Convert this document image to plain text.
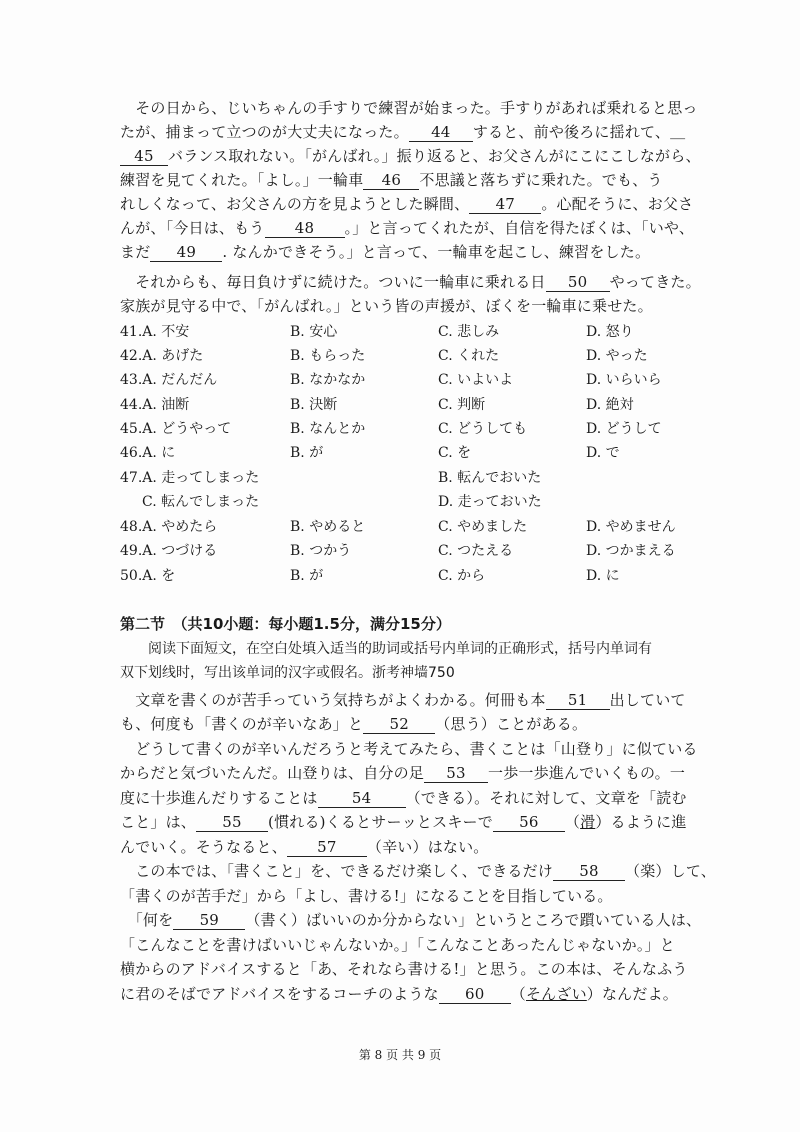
　その日から、じいちゃんの手すりで練習が始まった。手すりがあれば乗れると思っ
たが、捕まって立つのが大丈夫になった。 44 すると、前や後ろに揺れて、＿
45 バランス取れない。「がんばれ。」振り返ると、お父さんがにこにこしながら、
練習を見てくれた。「よし。」一輪車 46 不思議と落ちずに乗れた。でも、う
れしくなって、お父さんの方を見ようとした瞬間、 47 。心配そうに、お父さ
んが、「今日は、もう 48 。」と言ってくれたが、自信を得たぼくは、「いや、
まだ 49 . なんかできそう。」と言って、一輪車を起こし、練習をした。
　それからも、毎日負けずに続けた。ついに一輪車に乗れる日 50 やってきた。
家族が見守る中で、「がんばれ。」という皆の声援が、ぼくを一輪車に乗せた。
41.A. 不安	B. 安心	C. 悲しみ	D. 怒り
42.A. あげた	B. もらった	C. くれた	D. やった
43.A. だんだん	B. なかなか	C. いよいよ	D. いらいら
44.A. 油断	B. 決断	C. 判断	D. 絶対
45.A. どうやって	B. なんとか	C. どうしても	D. どうして
46.A. に	B. が	C. を	D. で
47.A. 走ってしまった	B. 転んでおいた
C. 転んでしまった	D. 走っておいた
48.A. やめたら	B. やめると	C. やめました	D. やめません
49.A. つづける	B. つかう	C. つたえる	D. つかまえる
50.A. を	B. が	C. から	D. に
第二节　（共10小题：每小题1.5分，满分15分）
　　阅读下面短文，在空白处填入适当的助词或括号内单词的正确形式，括号内单词有
双下划线时，写出该单词的汉字或假名。浙考神墙750
　文章を書くのが苦手っていう気持ちがよくわかる。何冊も本 51 出していて
も、何度も「書くのが辛いなあ」と 52 （思う）ことがある。
　どうして書くのが辛いんだろうと考えてみたら、書くことは「山登り」に似ている
からだと気づいたんだ。山登りは、自分の足 53 一歩一歩進んでいくもの。一
度に十歩進んだりすることは 54 （できる）。それに対して、文章を「読む
こと」は、 55 (慣れる)くるとサーッとスキーで 56 （滑）るように進
んでいく。そうなると、 57 （辛い）はない。
　この本では、「書くこと」を、できるだけ楽しく、できるだけ 58 （楽）して、
「書くのが苦手だ」から「よし、書ける!」になることを目指している。
　「何を 59 （書く）ばいいのか分からない」というところで躓いている人は、
「こんなことを書けばいいじゃんないか。」「こんなことあったんじゃないか。」と
横からのアドバイスすると「あ、それなら書ける!」と思う。この本は、そんなふう
に君のそばでアドバイスをするコーチのような 60 （そんざい）なんだよ。
第 8 页 共 9 页
